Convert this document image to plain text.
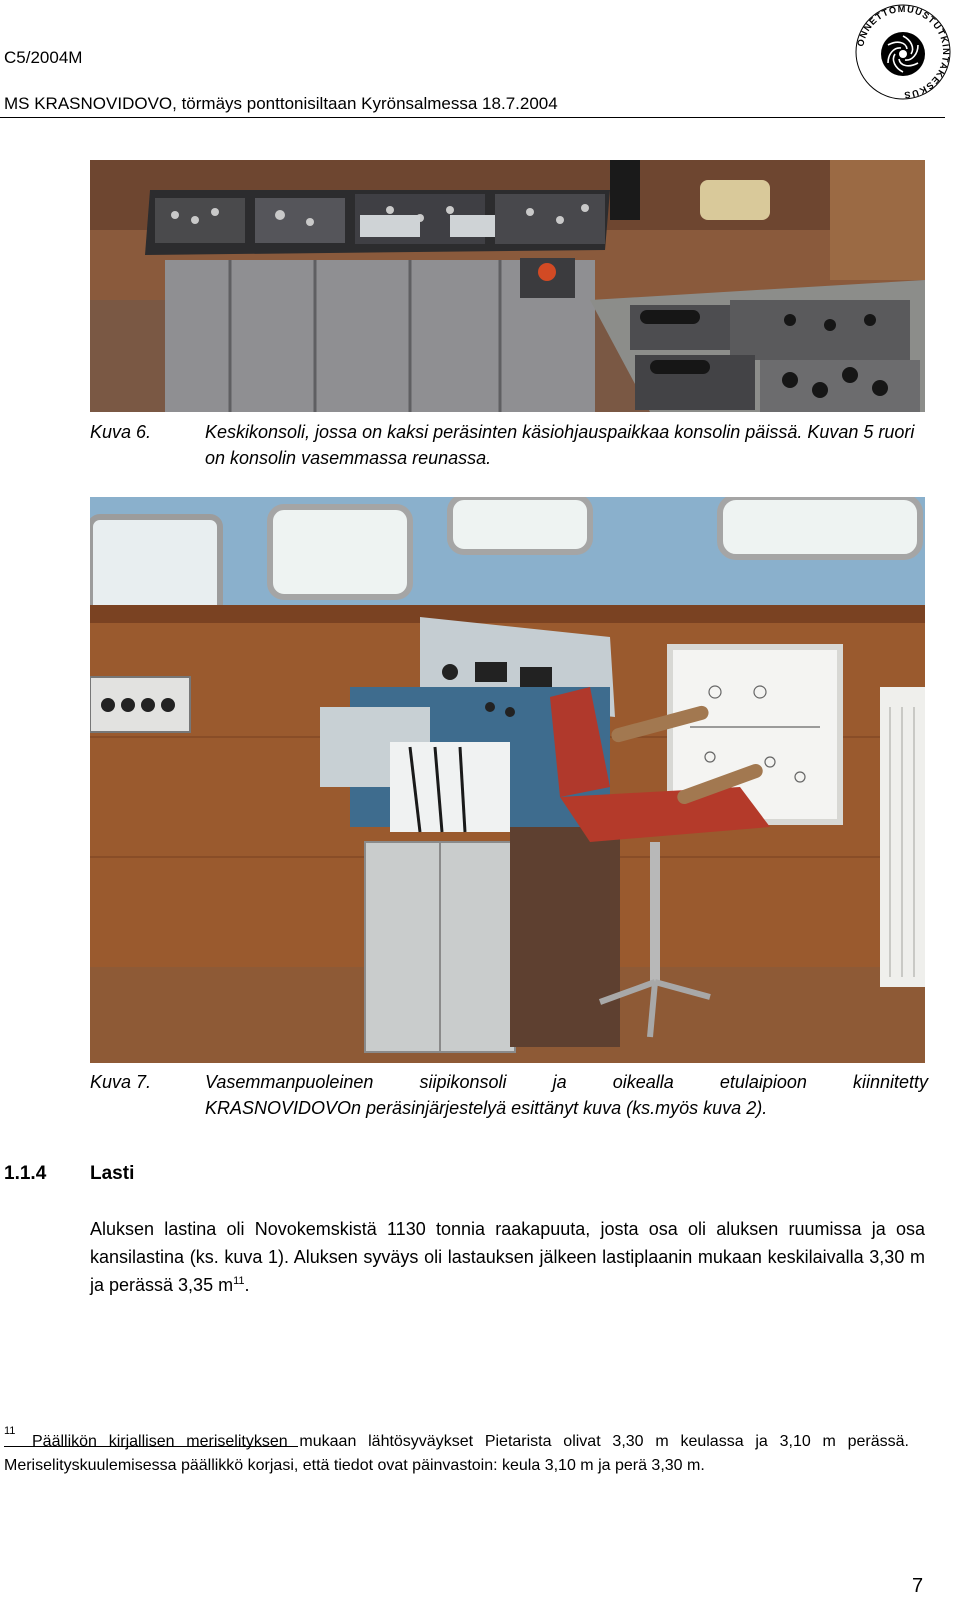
C5/2004M
MS KRASNOVIDOVO, törmäys ponttonisiltaan Kyrönsalmessa 18.7.2004
ONNETTOMUUSTUTKINTAKESKUS
Kuva 6.	Keskikonsoli, jossa on kaksi peräsinten käsiohjauspaikkaa konsolin päissä. Kuvan 5 ruori on konsolin vasemmassa reunassa.
Kuva 7.	Vasemmanpuoleinen siipikonsoli ja oikealla etulaipioon kiinnitetty
KRASNOVIDOVOn peräsinjärjestelyä esittänyt kuva (ks.myös kuva 2).
1.1.4 Lasti
Aluksen lastina oli Novokemskistä 1130 tonnia raakapuuta, josta osa oli aluksen ruumissa ja osa kansilastina (ks. kuva 1). Aluksen syväys oli lastauksen jälkeen lastiplaanin mukaan keskilaivalla 3,30 m ja perässä 3,35 $m^{11}$.
11
Päällikön kirjallisen meriselityksen mukaan lähtösyväykset Pietarista olivat 3,30 m keulassa ja 3,10 m perässä. Meriselityskuulemisessa päällikkö korjasi, että tiedot ovat päinvastoin: keula 3,10 m ja perä 3,30 m.
7
